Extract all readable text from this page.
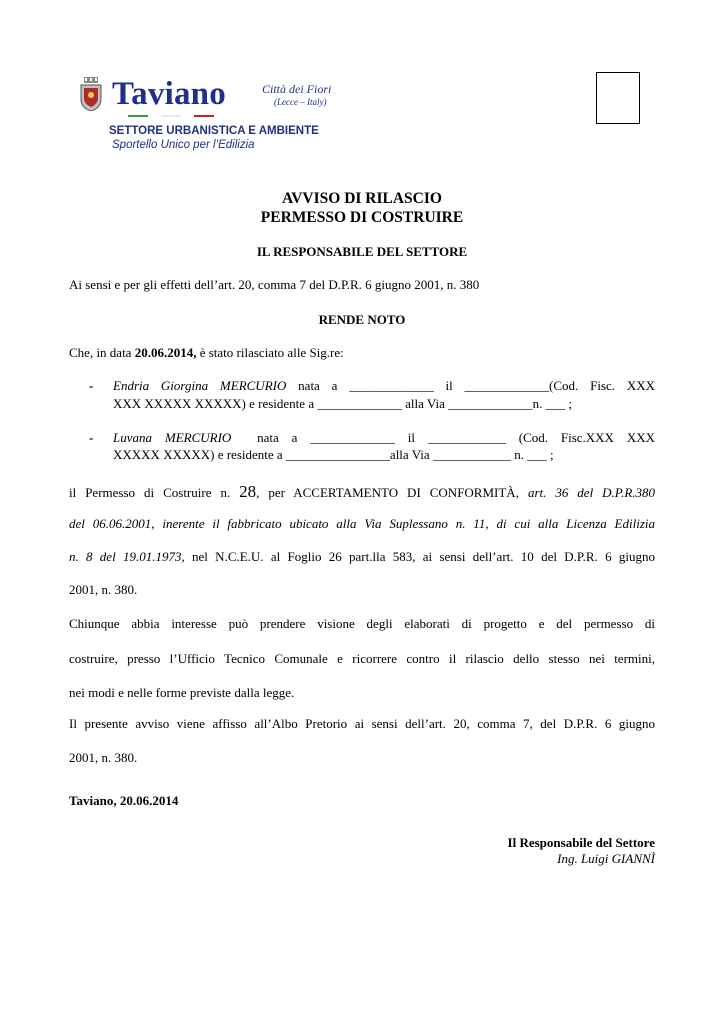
Taviano	Città dei Fiori
(Lecce – Italy)
SETTORE URBANISTICA E AMBIENTE
Sportello Unico per l’Edilizia
AVVISO DI RILASCIO
PERMESSO DI COSTRUIRE
IL RESPONSABILE DEL SETTORE
Ai sensi e per gli effetti dell’art. 20, comma 7 del D.P.R. 6 giugno 2001, n. 380
RENDE NOTO
Che, in data 20.06.2014, è stato rilasciato alle Sig.re:
- Endria Giorgina MERCURIO nata a _____________ il _____________(Cod. Fisc. XXX
XXX XXXXX XXXXX) e residente a _____________ alla Via _____________n. ___ ;
- Luvana MERCURIO nata a _____________ il ____________ (Cod. Fisc.XXX XXX
XXXXX XXXXX) e residente a ________________alla Via ____________ n. ___ ;
il Permesso di Costruire n. 28, per ACCERTAMENTO DI CONFORMITÀ, art. 36 del D.P.R.380
del 06.06.2001, inerente il fabbricato ubicato alla Via Suplessano n. 11, di cui alla Licenza Edilizia
n. 8 del 19.01.1973, nel N.C.E.U. al Foglio 26 part.lla 583, ai sensi dell’art. 10 del D.P.R. 6 giugno
2001, n. 380.
Chiunque abbia interesse può prendere visione degli elaborati di progetto e del permesso di
costruire, presso l’Ufficio Tecnico Comunale e ricorrere contro il rilascio dello stesso nei termini,
nei modi e nelle forme previste dalla legge.
Il presente avviso viene affisso all’Albo Pretorio ai sensi dell’art. 20, comma 7, del D.P.R. 6 giugno
2001, n. 380.
Taviano, 20.06.2014
Il Responsabile del Settore
Ing. Luigi GIANNÌ
